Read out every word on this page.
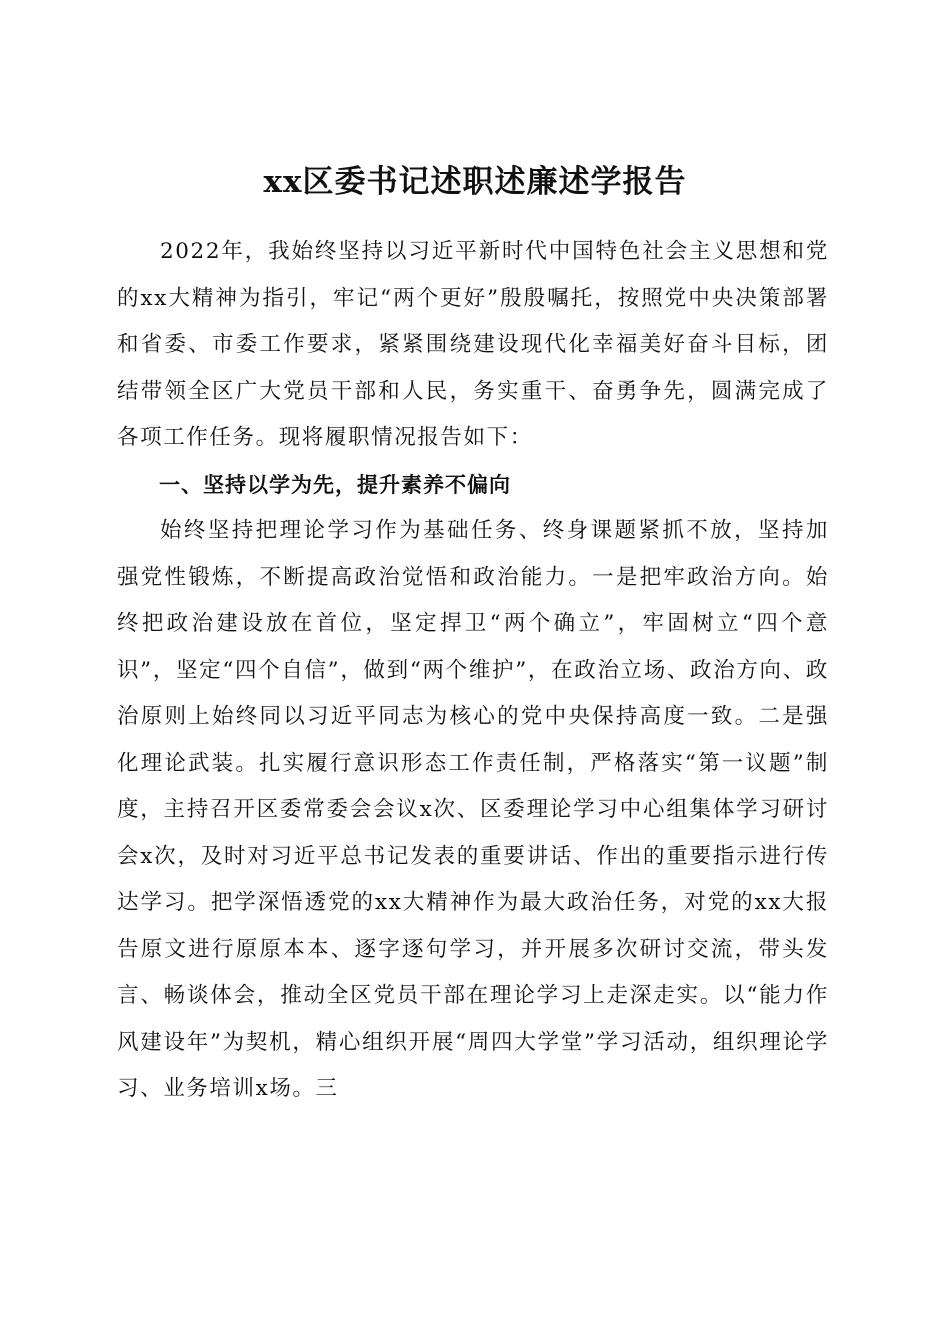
xx区委书记述职述廉述学报告

2022年，我始终坚持以习近平新时代中国特色社会主义思想和党的xx大精神为指引，牢记“两个更好”殷殷嘱托，按照党中央决策部署和省委、市委工作要求，紧紧围绕建设现代化幸福美好奋斗目标，团结带领全区广大党员干部和人民，务实重干、奋勇争先，圆满完成了各项工作任务。现将履职情况报告如下：

一、坚持以学为先，提升素养不偏向

始终坚持把理论学习作为基础任务、终身课题紧抓不放，坚持加强党性锻炼，不断提高政治觉悟和政治能力。一是把牢政治方向。始终把政治建设放在首位，坚定捍卫“两个确立”，牢固树立“四个意识”，坚定“四个自信”，做到“两个维护”，在政治立场、政治方向、政治原则上始终同以习近平同志为核心的党中央保持高度一致。二是强化理论武装。扎实履行意识形态工作责任制，严格落实“第一议题”制度，主持召开区委常委会会议x次、区委理论学习中心组集体学习研讨会x次，及时对习近平总书记发表的重要讲话、作出的重要指示进行传达学习。把学深悟透党的xx大精神作为最大政治任务，对党的xx大报告原文进行原原本本、逐字逐句学习，并开展多次研讨交流，带头发言、畅谈体会，推动全区党员干部在理论学习上走深走实。以“能力作风建设年”为契机，精心组织开展“周四大学堂”学习活动，组织理论学习、业务培训x场。三
